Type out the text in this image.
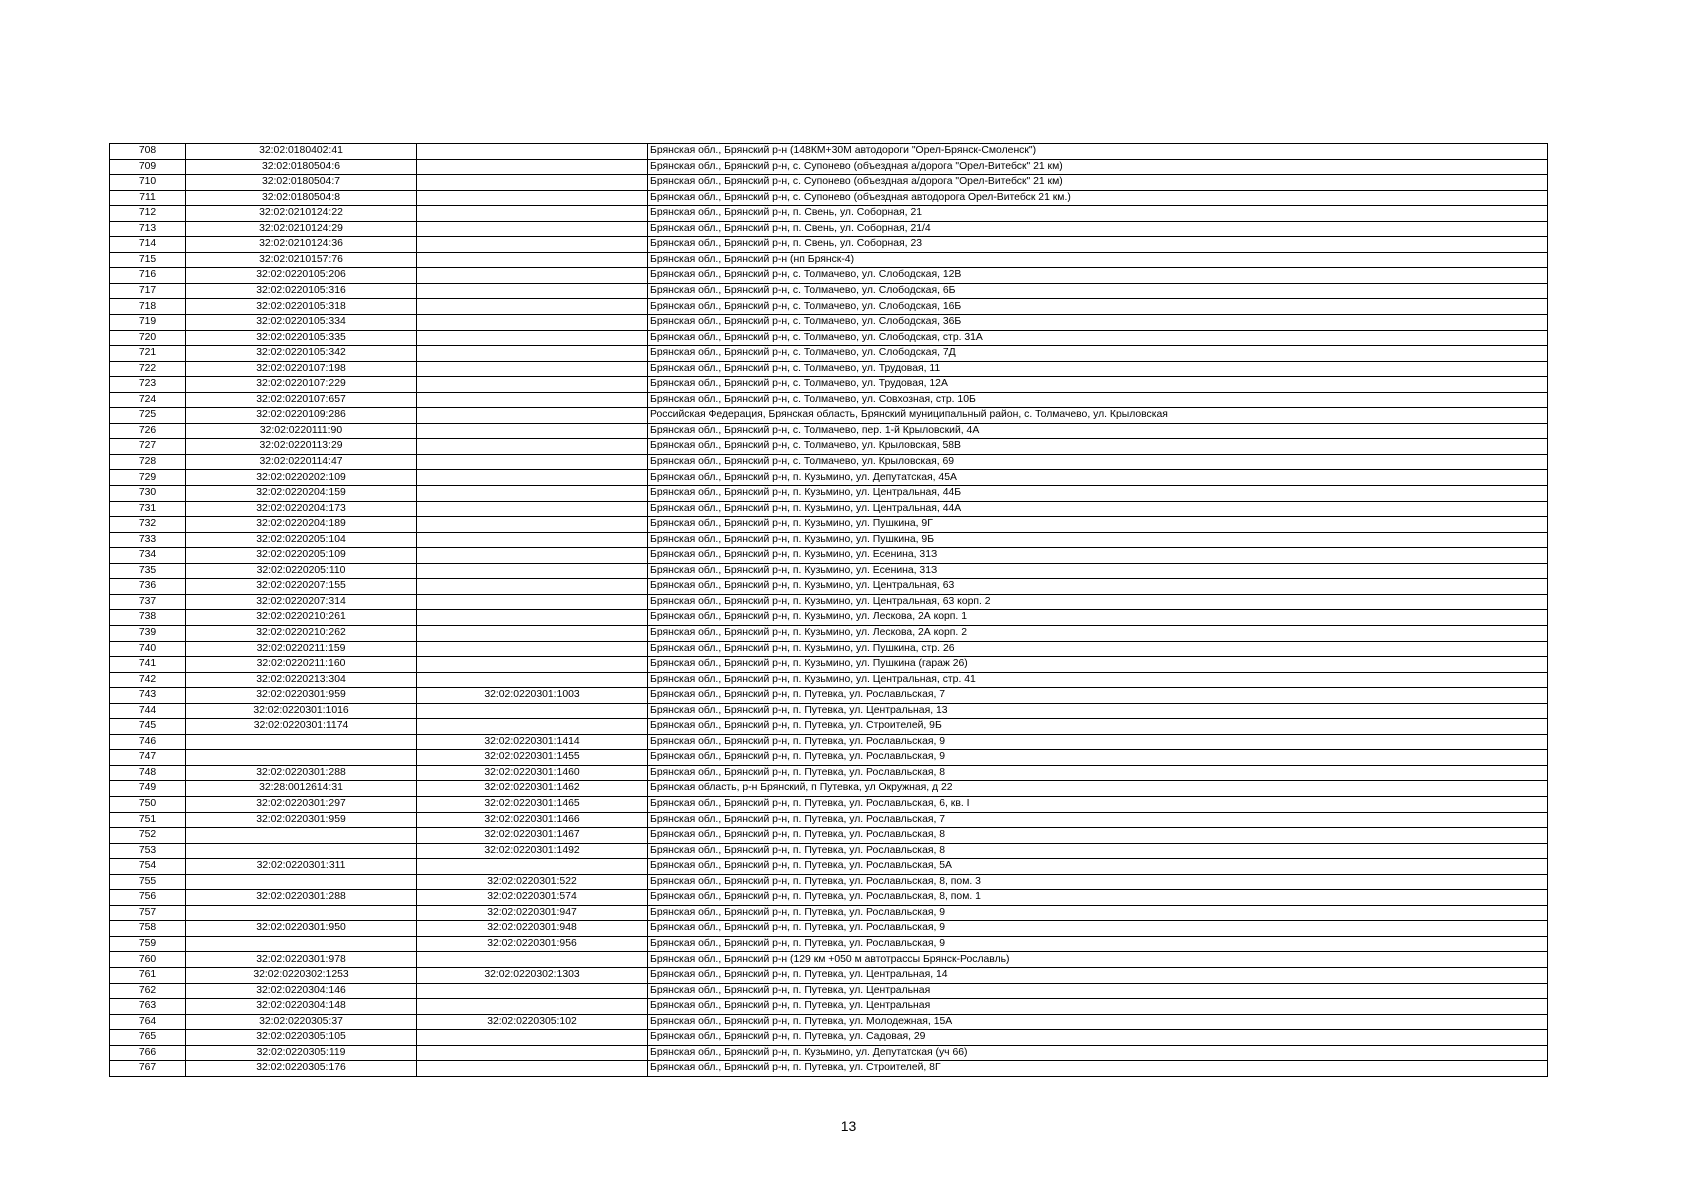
708	32:02:0180402:41		Брянская обл., Брянский р-н (148КМ+30М автодороги "Орел-Брянск-Смоленск")
709	32:02:0180504:6		Брянская обл., Брянский р-н, с. Супонево (объездная а/дорога "Орел-Витебск" 21 км)
710	32:02:0180504:7		Брянская обл., Брянский р-н, с. Супонево (объездная а/дорога "Орел-Витебск" 21 км)
711	32:02:0180504:8		Брянская обл., Брянский р-н, с. Супонево (объездная автодорога Орел-Витебск 21 км.)
712	32:02:0210124:22		Брянская обл., Брянский р-н, п. Свень, ул. Соборная, 21
713	32:02:0210124:29		Брянская обл., Брянский р-н, п. Свень, ул. Соборная, 21/4
714	32:02:0210124:36		Брянская обл., Брянский р-н, п. Свень, ул. Соборная, 23
715	32:02:0210157:76		Брянская обл., Брянский р-н (нп Брянск-4)
716	32:02:0220105:206		Брянская обл., Брянский р-н, с. Толмачево, ул. Слободская, 12В
717	32:02:0220105:316		Брянская обл., Брянский р-н, с. Толмачево, ул. Слободская, 6Б
718	32:02:0220105:318		Брянская обл., Брянский р-н, с. Толмачево, ул. Слободская, 16Б
719	32:02:0220105:334		Брянская обл., Брянский р-н, с. Толмачево, ул. Слободская, 36Б
720	32:02:0220105:335		Брянская обл., Брянский р-н, с. Толмачево, ул. Слободская, стр. 31А
721	32:02:0220105:342		Брянская обл., Брянский р-н, с. Толмачево, ул. Слободская, 7Д
722	32:02:0220107:198		Брянская обл., Брянский р-н, с. Толмачево, ул. Трудовая, 11
723	32:02:0220107:229		Брянская обл., Брянский р-н, с. Толмачево, ул. Трудовая, 12А
724	32:02:0220107:657		Брянская обл., Брянский р-н, с. Толмачево, ул. Совхозная, стр. 10Б
725	32:02:0220109:286		Российская Федерация, Брянская область, Брянский муниципальный район, с. Толмачево, ул. Крыловская
726	32:02:0220111:90		Брянская обл., Брянский р-н, с. Толмачево, пер. 1-й Крыловский, 4А
727	32:02:0220113:29		Брянская обл., Брянский р-н, с. Толмачево, ул. Крыловская, 58В
728	32:02:0220114:47		Брянская обл., Брянский р-н, с. Толмачево, ул. Крыловская, 69
729	32:02:0220202:109		Брянская обл., Брянский р-н, п. Кузьмино, ул. Депутатская, 45А
730	32:02:0220204:159		Брянская обл., Брянский р-н, п. Кузьмино, ул. Центральная, 44Б
731	32:02:0220204:173		Брянская обл., Брянский р-н, п. Кузьмино, ул. Центральная, 44А
732	32:02:0220204:189		Брянская обл., Брянский р-н, п. Кузьмино, ул. Пушкина, 9Г
733	32:02:0220205:104		Брянская обл., Брянский р-н, п. Кузьмино, ул. Пушкина, 9Б
734	32:02:0220205:109		Брянская обл., Брянский р-н, п. Кузьмино, ул. Есенина, 31З
735	32:02:0220205:110		Брянская обл., Брянский р-н, п. Кузьмино, ул. Есенина, 31З
736	32:02:0220207:155		Брянская обл., Брянский р-н, п. Кузьмино, ул. Центральная, 63
737	32:02:0220207:314		Брянская обл., Брянский р-н, п. Кузьмино, ул. Центральная, 63 корп. 2
738	32:02:0220210:261		Брянская обл., Брянский р-н, п. Кузьмино, ул. Лескова, 2А корп. 1
739	32:02:0220210:262		Брянская обл., Брянский р-н, п. Кузьмино, ул. Лескова, 2А корп. 2
740	32:02:0220211:159		Брянская обл., Брянский р-н, п. Кузьмино, ул. Пушкина, стр. 26
741	32:02:0220211:160		Брянская обл., Брянский р-н, п. Кузьмино, ул. Пушкина (гараж 26)
742	32:02:0220213:304		Брянская обл., Брянский р-н, п. Кузьмино, ул. Центральная, стр. 41
743	32:02:0220301:959	32:02:0220301:1003	Брянская обл., Брянский р-н, п. Путевка, ул. Рославльская, 7
744	32:02:0220301:1016		Брянская обл., Брянский р-н, п. Путевка, ул. Центральная, 13
745	32:02:0220301:1174		Брянская обл., Брянский р-н, п. Путевка, ул. Строителей, 9Б
746		32:02:0220301:1414	Брянская обл., Брянский р-н, п. Путевка, ул. Рославльская, 9
747		32:02:0220301:1455	Брянская обл., Брянский р-н, п. Путевка, ул. Рославльская, 9
748	32:02:0220301:288	32:02:0220301:1460	Брянская обл., Брянский р-н, п. Путевка, ул. Рославльская, 8
749	32:28:0012614:31	32:02:0220301:1462	Брянская область, р-н Брянский, п Путевка, ул Окружная, д 22
750	32:02:0220301:297	32:02:0220301:1465	Брянская обл., Брянский р-н, п. Путевка, ул. Рославльская, 6, кв. I
751	32:02:0220301:959	32:02:0220301:1466	Брянская обл., Брянский р-н, п. Путевка, ул. Рославльская, 7
752		32:02:0220301:1467	Брянская обл., Брянский р-н, п. Путевка, ул. Рославльская, 8
753		32:02:0220301:1492	Брянская обл., Брянский р-н, п. Путевка, ул. Рославльская, 8
754	32:02:0220301:311		Брянская обл., Брянский р-н, п. Путевка, ул. Рославльская, 5А
755		32:02:0220301:522	Брянская обл., Брянский р-н, п. Путевка, ул. Рославльская, 8, пом. 3
756	32:02:0220301:288	32:02:0220301:574	Брянская обл., Брянский р-н, п. Путевка, ул. Рославльская, 8, пом. 1
757		32:02:0220301:947	Брянская обл., Брянский р-н, п. Путевка, ул. Рославльская, 9
758	32:02:0220301:950	32:02:0220301:948	Брянская обл., Брянский р-н, п. Путевка, ул. Рославльская, 9
759		32:02:0220301:956	Брянская обл., Брянский р-н, п. Путевка, ул. Рославльская, 9
760	32:02:0220301:978		Брянская обл., Брянский р-н (129 км +050 м автотрассы Брянск-Рославль)
761	32:02:0220302:1253	32:02:0220302:1303	Брянская обл., Брянский р-н, п. Путевка, ул. Центральная, 14
762	32:02:0220304:146		Брянская обл., Брянский р-н, п. Путевка, ул. Центральная
763	32:02:0220304:148		Брянская обл., Брянский р-н, п. Путевка, ул. Центральная
764	32:02:0220305:37	32:02:0220305:102	Брянская обл., Брянский р-н, п. Путевка, ул. Молодежная, 15А
765	32:02:0220305:105		Брянская обл., Брянский р-н, п. Путевка, ул. Садовая, 29
766	32:02:0220305:119		Брянская обл., Брянский р-н, п. Кузьмино, ул. Депутатская (уч 66)
767	32:02:0220305:176		Брянская обл., Брянский р-н, п. Путевка, ул. Строителей, 8Г
13
